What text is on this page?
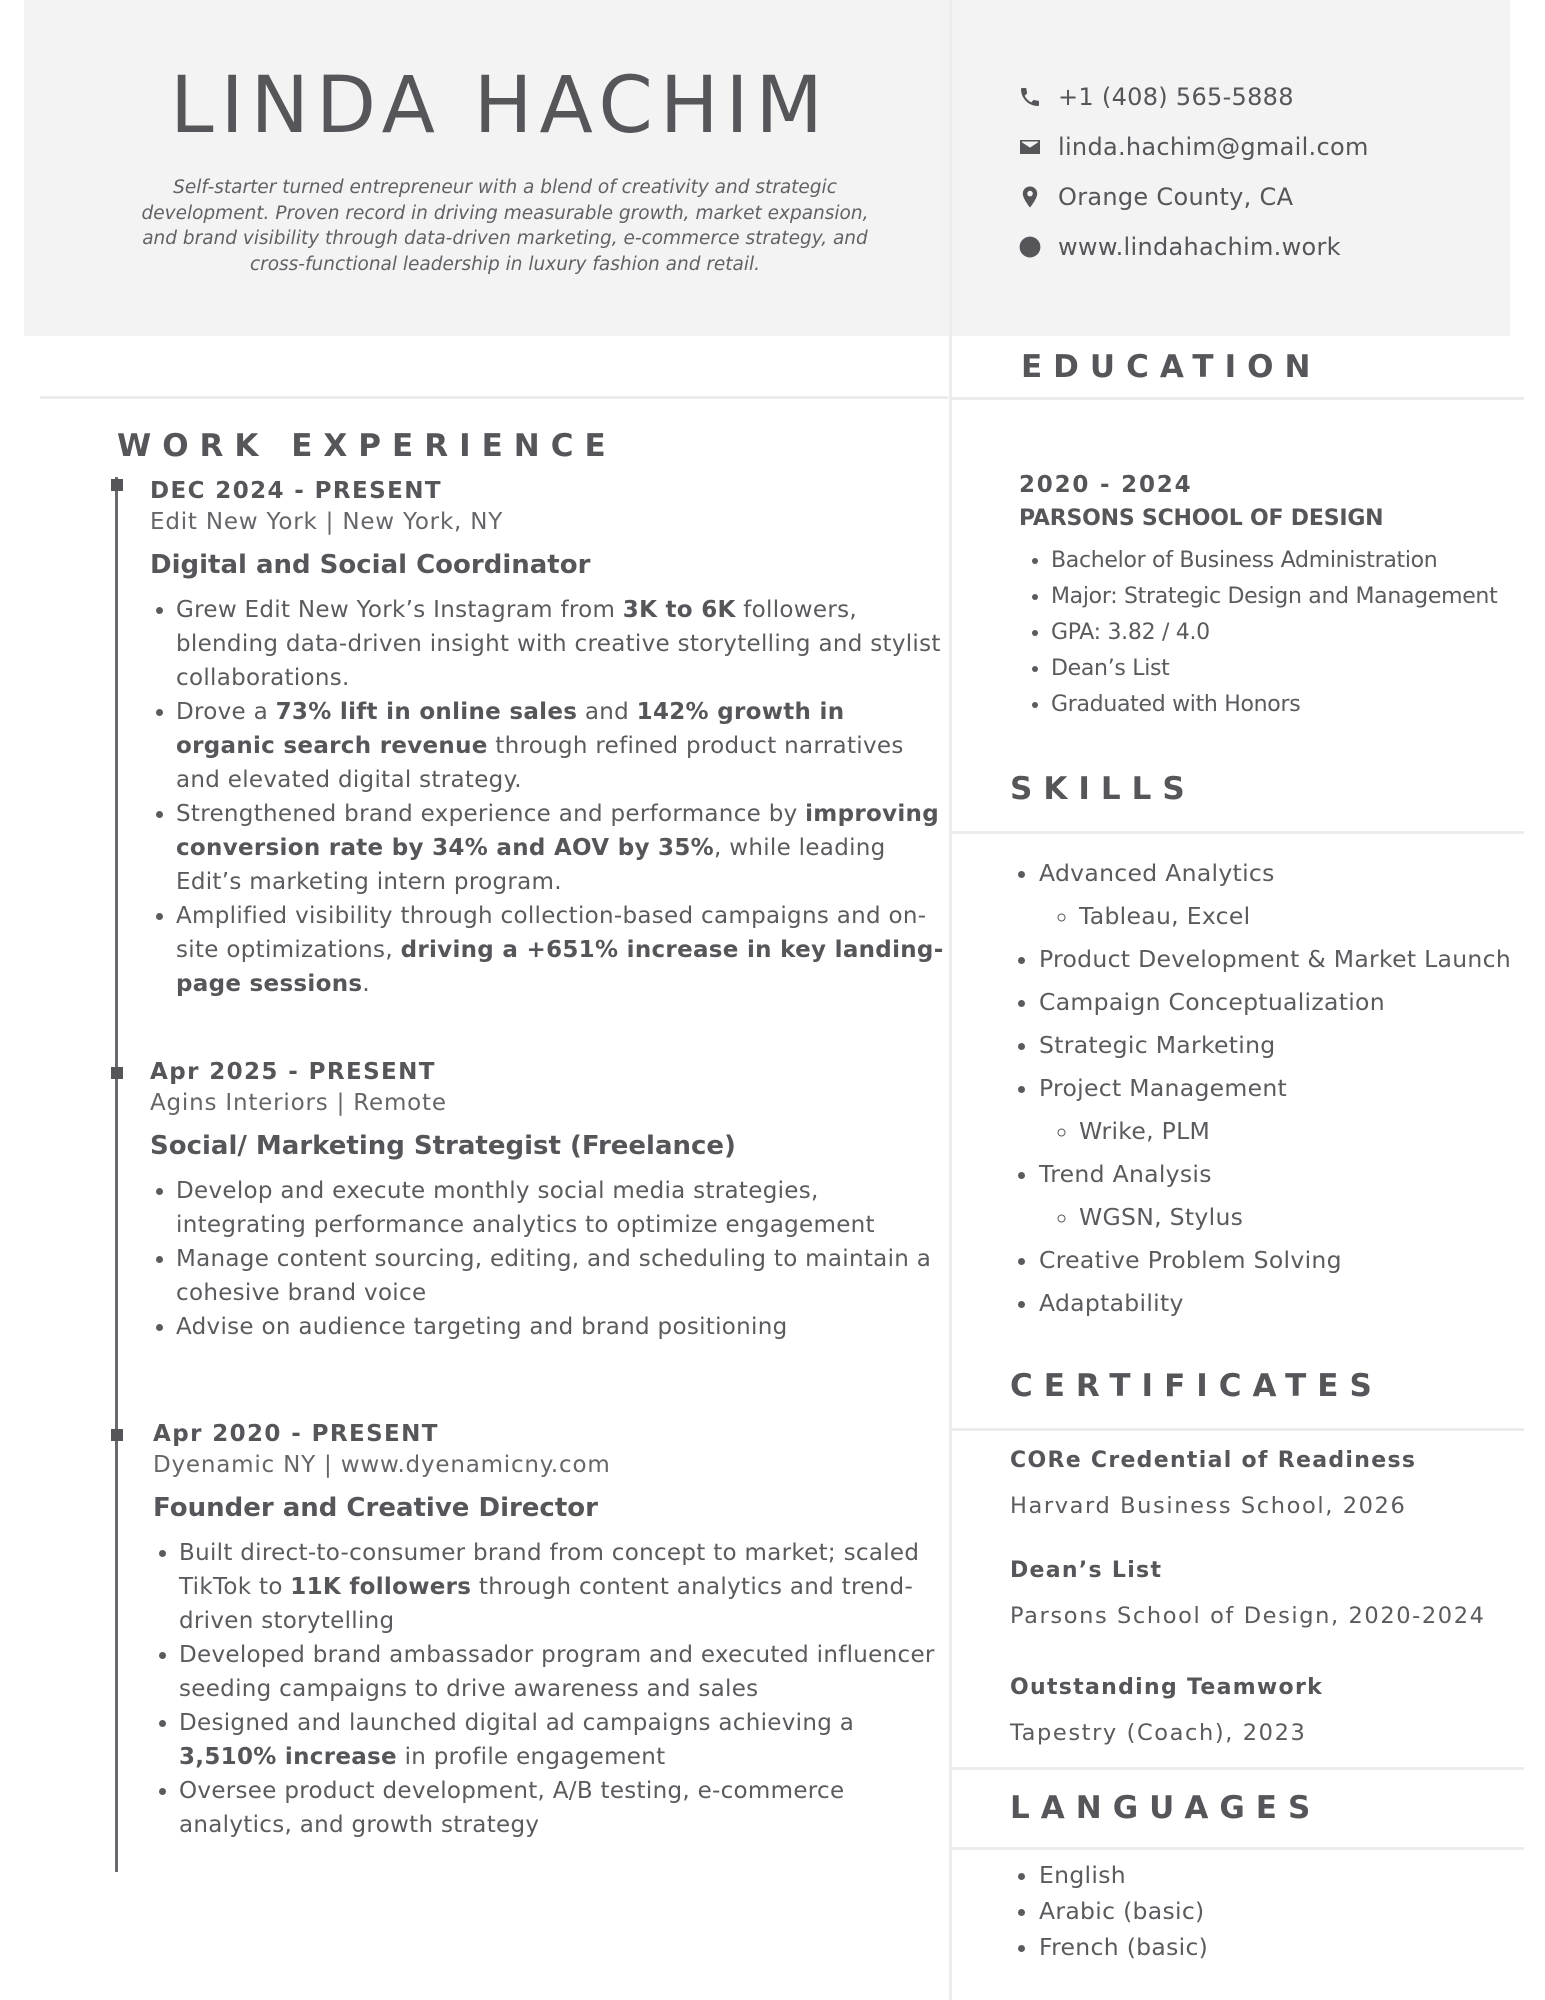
LINDA HACHIM
Self-starter turned entrepreneur with a blend of creativity and strategic development. Proven record in driving measurable growth, market expansion, and brand visibility through data-driven marketing, e-commerce strategy, and cross-functional leadership in luxury fashion and retail.
+1 (408) 565-5888
linda.hachim@gmail.com
Orange County, CA
www.lindahachim.work
WORK EXPERIENCE
EDUCATION
SKILLS
CERTIFICATES
LANGUAGES
DEC 2024 - PRESENT
Edit New York | New York, NY
Digital and Social Coordinator
• Grew Edit New York’s Instagram from 3K to 6K followers, blending data-driven insight with creative storytelling and stylist collaborations.
• Drove a 73% lift in online sales and 142% growth in organic search revenue through refined product narratives and elevated digital strategy.
• Strengthened brand experience and performance by improving conversion rate by 34% and AOV by 35%, while leading Edit’s marketing intern program.
• Amplified visibility through collection-based campaigns and on-site optimizations, driving a +651% increase in key landing-page sessions.
Apr 2025 - PRESENT
Agins Interiors | Remote
Social/ Marketing Strategist (Freelance)
• Develop and execute monthly social media strategies, integrating performance analytics to optimize engagement
• Manage content sourcing, editing, and scheduling to maintain a cohesive brand voice
• Advise on audience targeting and brand positioning
Apr 2020 - PRESENT
Dyenamic NY | www.dyenamicny.com
Founder and Creative Director
• Built direct-to-consumer brand from concept to market; scaled TikTok to 11K followers through content analytics and trend-driven storytelling
• Developed brand ambassador program and executed influencer seeding campaigns to drive awareness and sales
• Designed and launched digital ad campaigns achieving a 3,510% increase in profile engagement
• Oversee product development, A/B testing, e-commerce analytics, and growth strategy
2020 - 2024
PARSONS SCHOOL OF DESIGN
• Bachelor of Business Administration
• Major: Strategic Design and Management
• GPA: 3.82 / 4.0
• Dean’s List
• Graduated with Honors
• Advanced Analytics
◦ Tableau, Excel
• Product Development & Market Launch
• Campaign Conceptualization
• Strategic Marketing
• Project Management
◦ Wrike, PLM
• Trend Analysis
◦ WGSN, Stylus
• Creative Problem Solving
• Adaptability
CORe Credential of Readiness
Harvard Business School, 2026
Dean’s List
Parsons School of Design, 2020-2024
Outstanding Teamwork
Tapestry (Coach), 2023
• English
• Arabic (basic)
• French (basic)
